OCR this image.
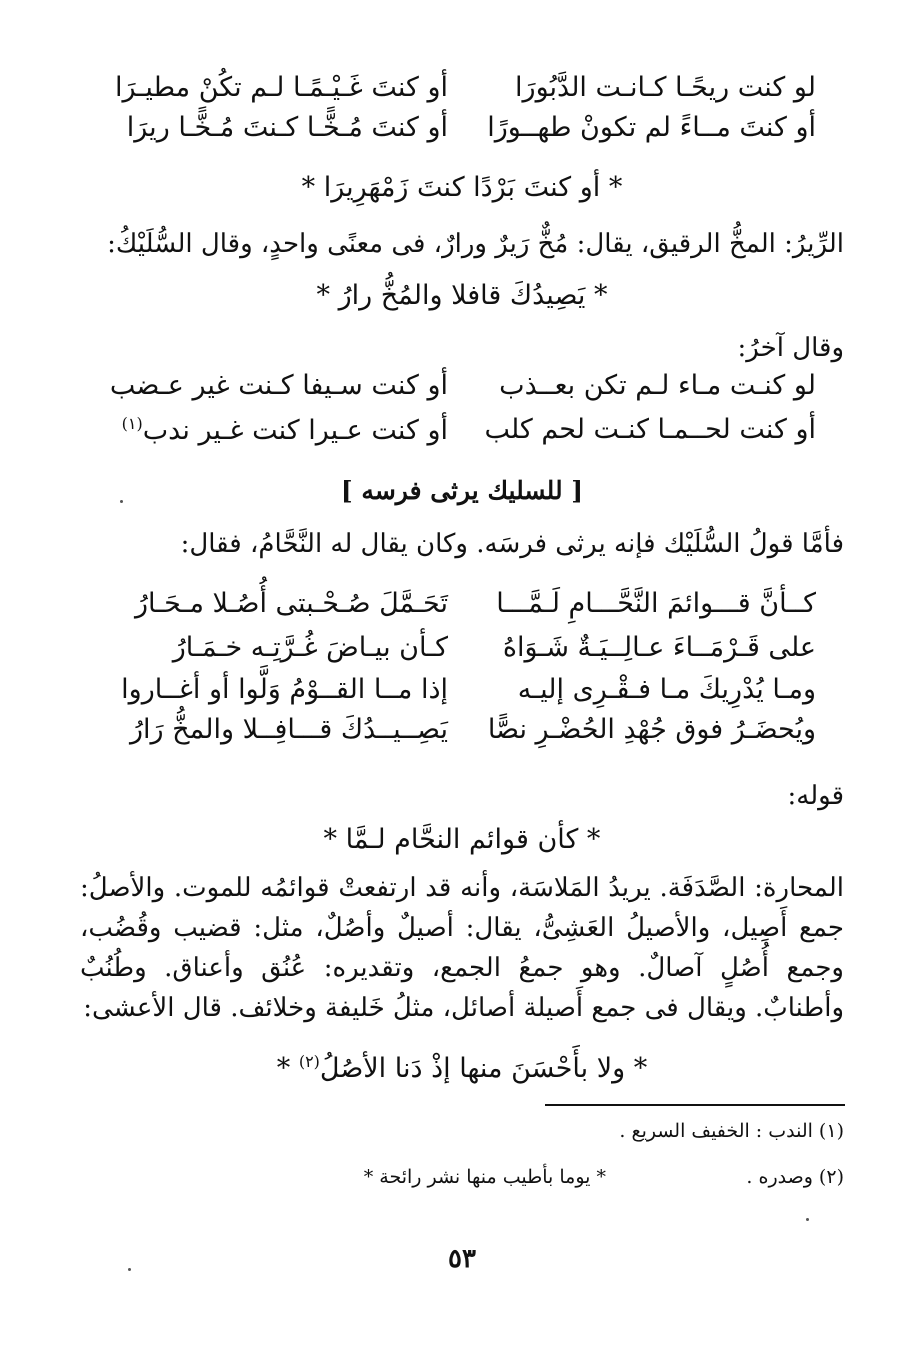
لو كنت ريحًـا كـانـت الدَّبُورَا
أو كنتَ غَـيْـمًـا لـم تكُنْ مطيـرَا
أو كنتَ مــاءً لم تكونْ طهــورًا
أو كنتَ مُـخًّـا كـنتَ مُـخًّـا ريرَا
* أو كنتَ بَرْدًا كنتَ زَمْهَرِيرَا *

الرِّيرُ: المخُّ الرقيق، يقال: مُخٌّ رَيرٌ ورارٌ، فى معنًى واحدٍ، وقال السُّلَيْكُ:

* يَصِيدُكَ قافلا والمُخُّ رارُ *

وقال آخرُ:

لو كنـت مـاء لـم تكن بعــذب
أو كنت سـيفا كـنت غير عـضب
أو كنت لحــمـا كنـت لحم كلب
أو كنت عـيرا كنت غـير ندب$^{(١)}$
[ للسليك يرثى فرسه ]

فأمَّا قولُ السُّلَيْك فإنه يرثى فرسَه. وكان يقال له النَّحَّامُ، فقال:

كــأنَّ قـــوائمَ النَّحَّـــامِ لَـمَّـــا
تَحَـمَّلَ صُـحْـبتى أُصُـلا مـحَـارُ
على قَـرْمَــاءَ عـالِــيَـةٌ شَـوَاهُ
كـأن بيـاضَ غُـرَّتِـه خـمَـارُ
ومـا يُدْرِيكَ مـا فـقْـرِى إليـه
إذا مــا القــوْمُ وَلَّوا أو أغــاروا
ويُحضَـرُ فوق جُهْدِ الحُضْـرِ نصًّا
يَصِــيــدُكَ قـــافِــلا والمخُّ رَارُ

قوله:

* كأن قوائم النحَّام لـمَّا *

المحارة: الصَّدَفَة. يريدُ المَلاسَة، وأنه قد ارتفعتْ قوائمُه للموت. والأصلُ: جمع أَصِيل، والأصيلُ العَشِىُّ، يقال: أصيلٌ وأصُلٌ، مثل: قضيب وقُضُب، وجمع أُصُلٍ آصالٌ. وهو جمعُ الجمع، وتقديره: عُنُق وأعناق. وطُنُبٌ وأطنابٌ. ويقال فى جمع أَصيلة أصائل، مثلُ خَليفة وخلائف. قال الأعشى:

* ولا بأَحْسَنَ منها إذْ دَنا الأصُلُ$^{(٢)}$ *
(١) الندب : الخفيف السريع .
(٢) وصدره .
* يوما بأطيب منها نشر رائحة *
٥٣
